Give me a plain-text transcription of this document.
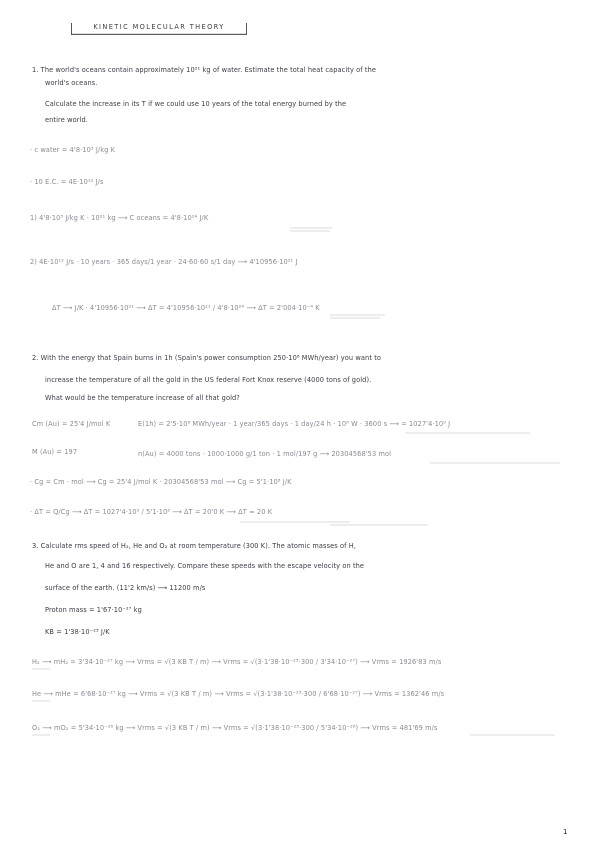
KINETIC MOLECULAR THEORY
1. The world's oceans contain approximately 10²¹ kg of water. Estimate the total heat capacity of the
world's oceans.
Calculate the increase in its T if we could use 10 years of the total energy burned by the
entire world.
· c water = 4'8·10³ J/kg K
· 10 E.C. = 4E·10¹² J/s
1) 4'8·10³ J/kg K · 10²¹ kg ⟶ C oceans = 4'8·10²⁴ J/K
2) 4E·10¹² J/s · 10 years · 365 days/1 year · 24·60·60 s/1 day ⟶ 4'10956·10²¹ J
ΔT ⟶ J/K · 4'10956·10²¹ ⟶ ΔT = 4'10956·10²¹ / 4'8·10²⁴ ⟶ ΔT = 2'004·10⁻⁴ K
2. With the energy that Spain burns in 1h (Spain's power consumption 250·10⁶ MWh/year) you want to
increase the temperature of all the gold in the US federal Fort Knox reserve (4000 tons of gold).
What would be the temperature increase of all that gold?
Cm (Au) = 25'4 J/mol K
M (Au) = 197
E(1h) = 2'5·10⁸ MWh/year · 1 year/365 days · 1 day/24 h · 10⁶ W · 3600 s ⟶ = 1027'4·10⁹ J
n(Au) = 4000 tons · 1000·1000 g/1 ton · 1 mol/197 g ⟶ 20304568'53 mol
· Cg = Cm · mol ⟶ Cg = 25'4 J/mol K · 20304568'53 mol ⟶ Cg = 5'1·10⁸ J/K
· ΔT = Q/Cg ⟶ ΔT = 1027'4·10⁹ / 5'1·10⁸ ⟶ ΔT = 20'0 K ⟶ ΔT ≈ 20 K
3. Calculate rms speed of H₂, He and O₂ at room temperature (300 K). The atomic masses of H,
He and O are 1, 4 and 16 respectively. Compare these speeds with the escape velocity on the
surface of the earth. (11'2 km/s) ⟶ 11200 m/s
Proton mass = 1'67·10⁻²⁷ kg
KB = 1'38·10⁻²³ J/K
H₂ ⟶ mH₂ = 3'34·10⁻²⁷ kg ⟶ Vrms = √(3 KB T / m) ⟶ Vrms = √(3·1'38·10⁻²³·300 / 3'34·10⁻²⁷) ⟶ Vrms = 1926'83 m/s
He ⟶ mHe = 6'68·10⁻²⁷ kg ⟶ Vrms = √(3 KB T / m) ⟶ Vrms = √(3·1'38·10⁻²³·300 / 6'68·10⁻²⁷) ⟶ Vrms = 1362'46 m/s
O₂ ⟶ mO₂ = 5'34·10⁻²⁶ kg ⟶ Vrms = √(3 KB T / m) ⟶ Vrms = √(3·1'38·10⁻²³·300 / 5'34·10⁻²⁶) ⟶ Vrms = 481'69 m/s
1
